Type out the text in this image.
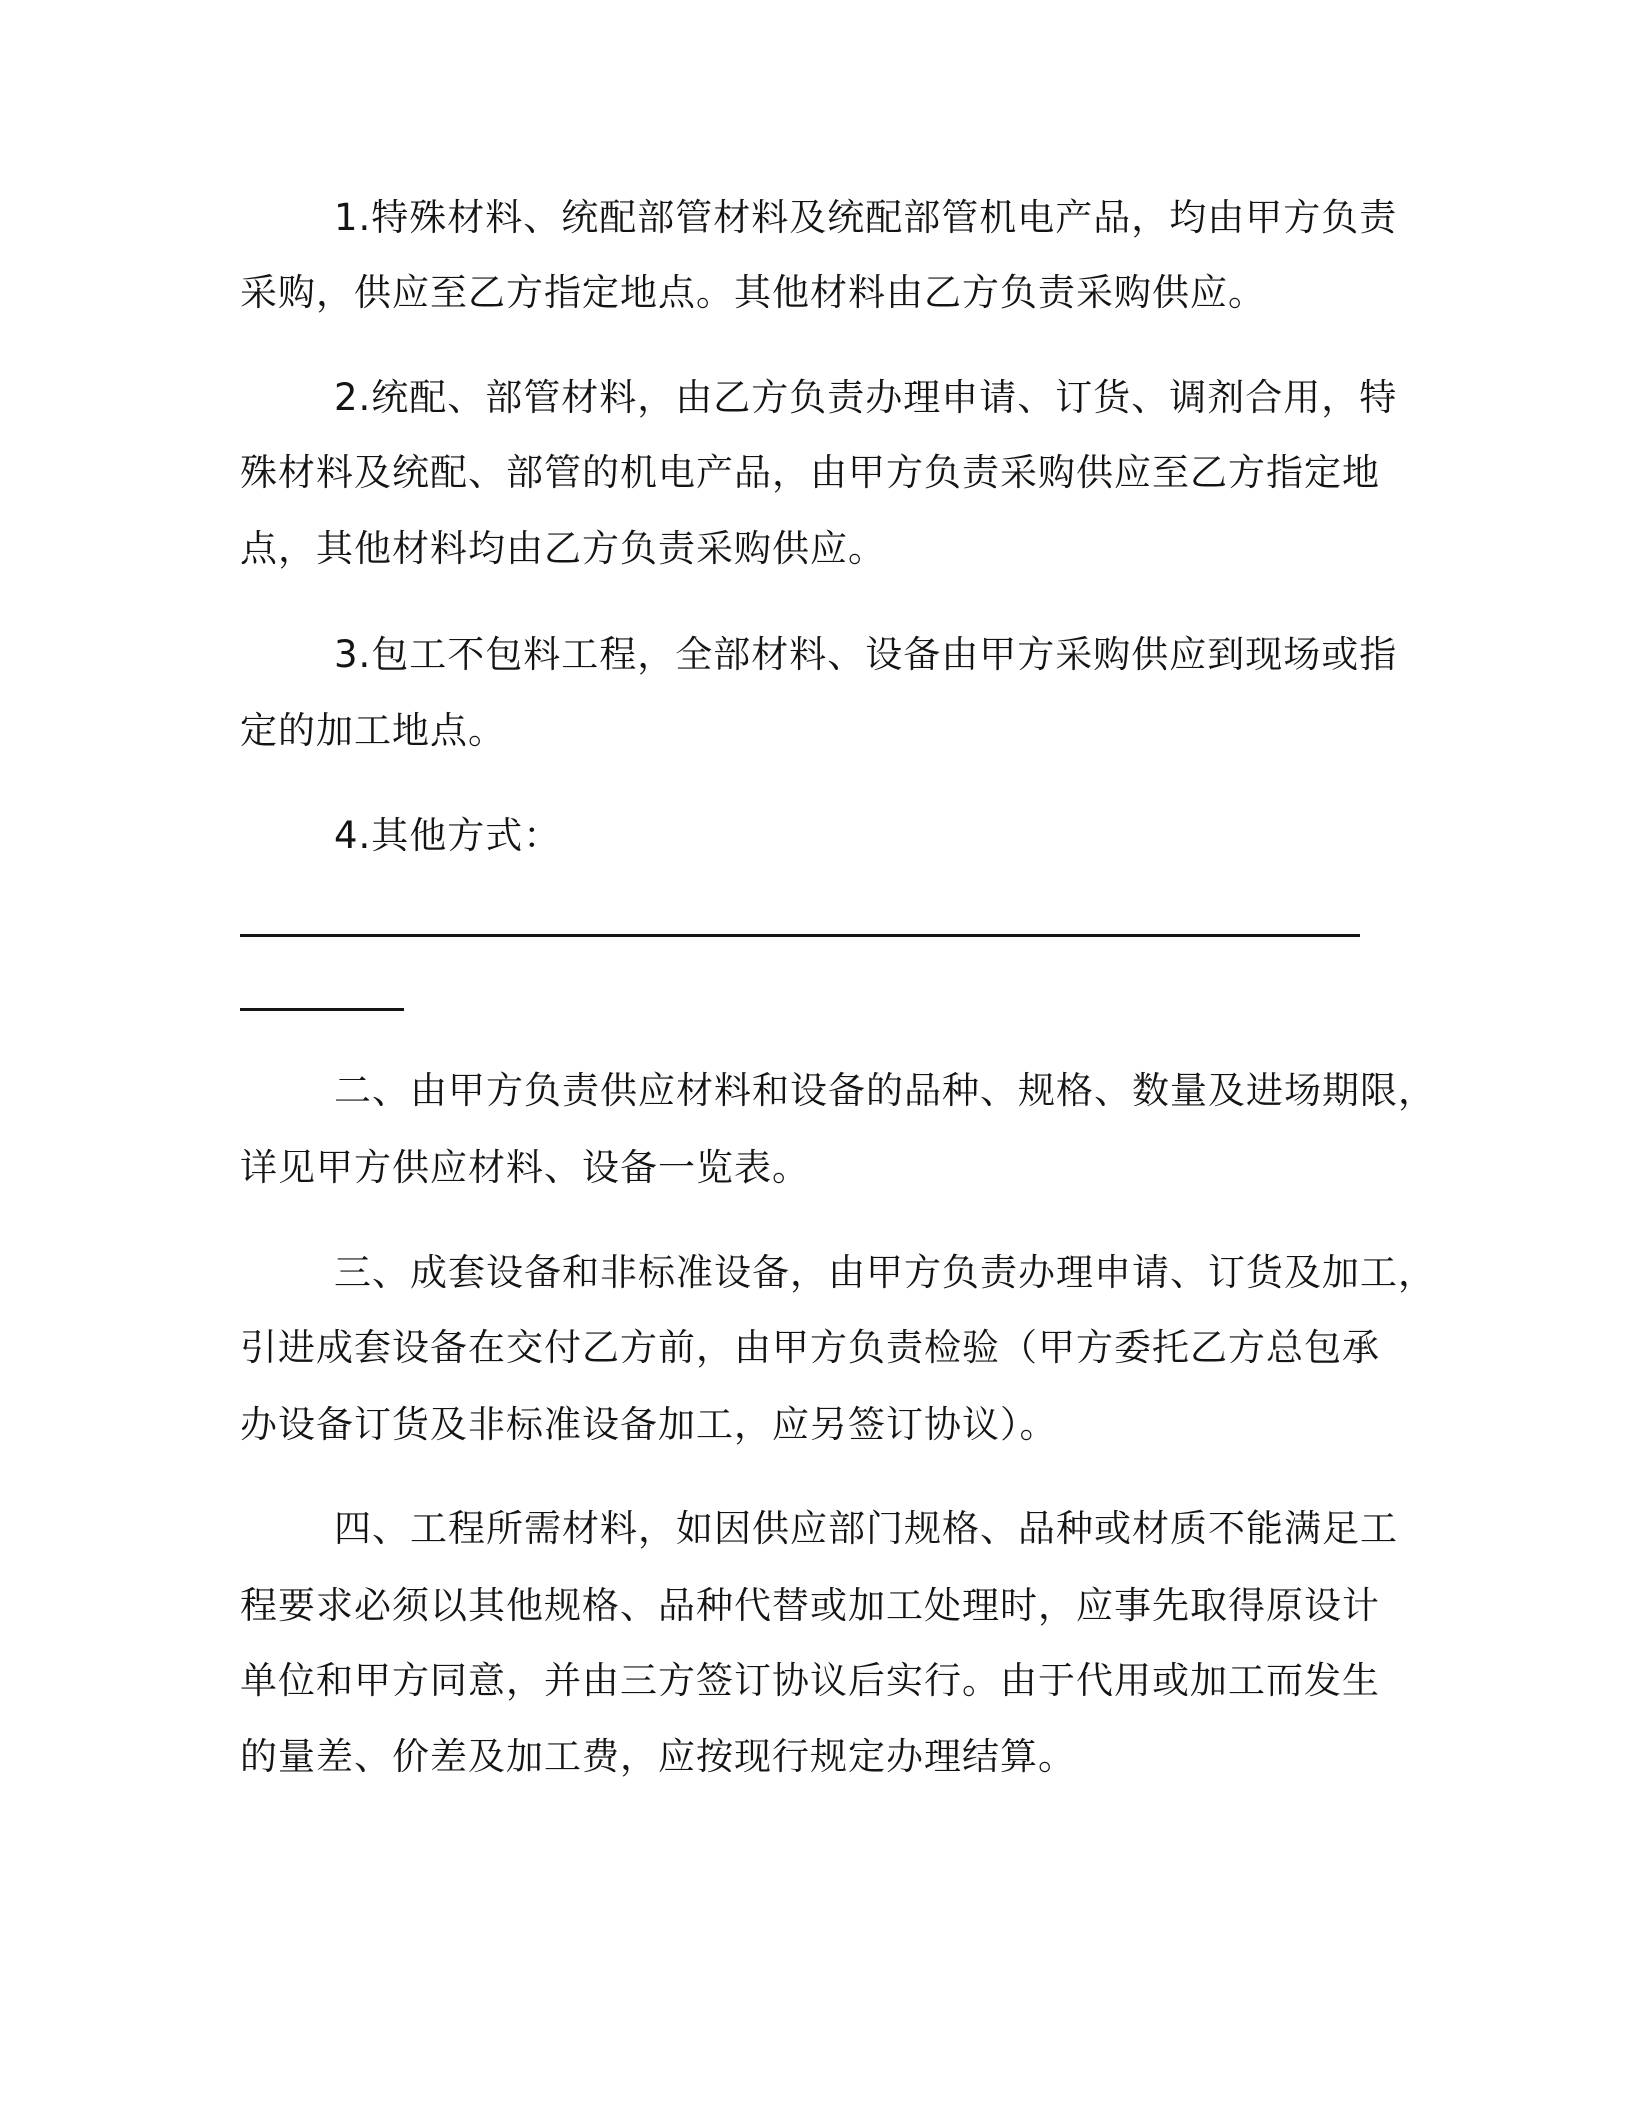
1.特殊材料、统配部管材料及统配部管机电产品，均由甲方负责

采购，供应至乙方指定地点。其他材料由乙方负责采购供应。

2.统配、部管材料，由乙方负责办理申请、订货、调剂合用，特

殊材料及统配、部管的机电产品，由甲方负责采购供应至乙方指定地

点，其他材料均由乙方负责采购供应。

3.包工不包料工程，全部材料、设备由甲方采购供应到现场或指

定的加工地点。

4.其他方式：

二、由甲方负责供应材料和设备的品种、规格、数量及进场期限，

详见甲方供应材料、设备一览表。

三、成套设备和非标准设备，由甲方负责办理申请、订货及加工，

引进成套设备在交付乙方前，由甲方负责检验（甲方委托乙方总包承

办设备订货及非标准设备加工，应另签订协议）。

四、工程所需材料，如因供应部门规格、品种或材质不能满足工

程要求必须以其他规格、品种代替或加工处理时，应事先取得原设计

单位和甲方同意，并由三方签订协议后实行。由于代用或加工而发生

的量差、价差及加工费，应按现行规定办理结算。
